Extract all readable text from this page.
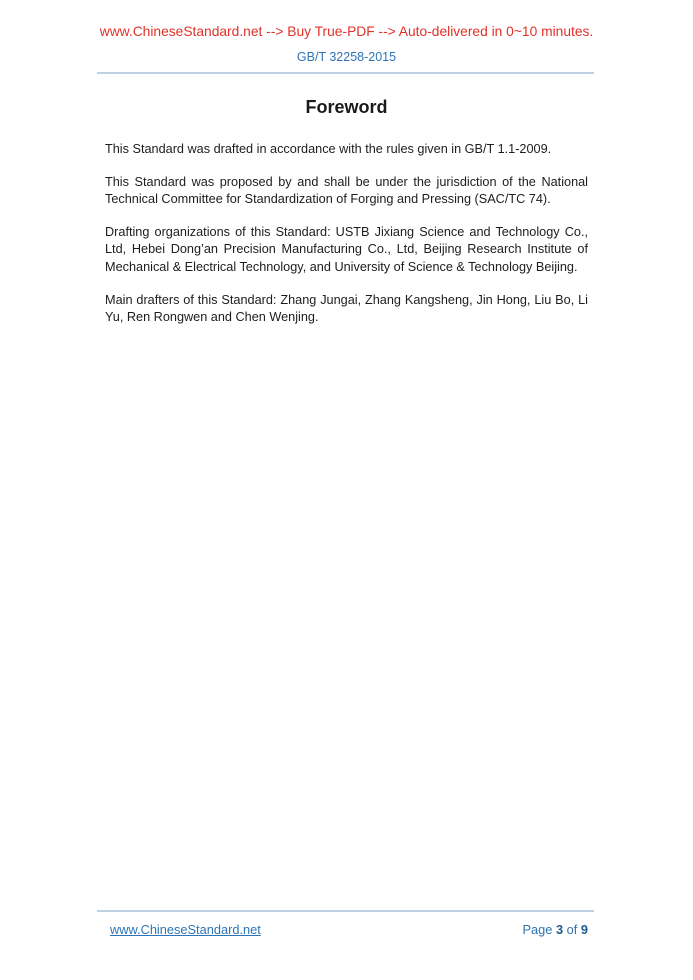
www.ChineseStandard.net --> Buy True-PDF --> Auto-delivered in 0~10 minutes.
GB/T 32258-2015
Foreword

This Standard was drafted in accordance with the rules given in GB/T 1.1-2009.

This Standard was proposed by and shall be under the jurisdiction of the National Technical Committee for Standardization of Forging and Pressing (SAC/TC 74).

Drafting organizations of this Standard: USTB Jixiang Science and Technology Co., Ltd, Hebei Dong’an Precision Manufacturing Co., Ltd, Beijing Research Institute of Mechanical & Electrical Technology, and University of Science & Technology Beijing.

Main drafters of this Standard: Zhang Jungai, Zhang Kangsheng, Jin Hong, Liu Bo, Li Yu, Ren Rongwen and Chen Wenjing.

www.ChineseStandard.net	Page 3 of 9
